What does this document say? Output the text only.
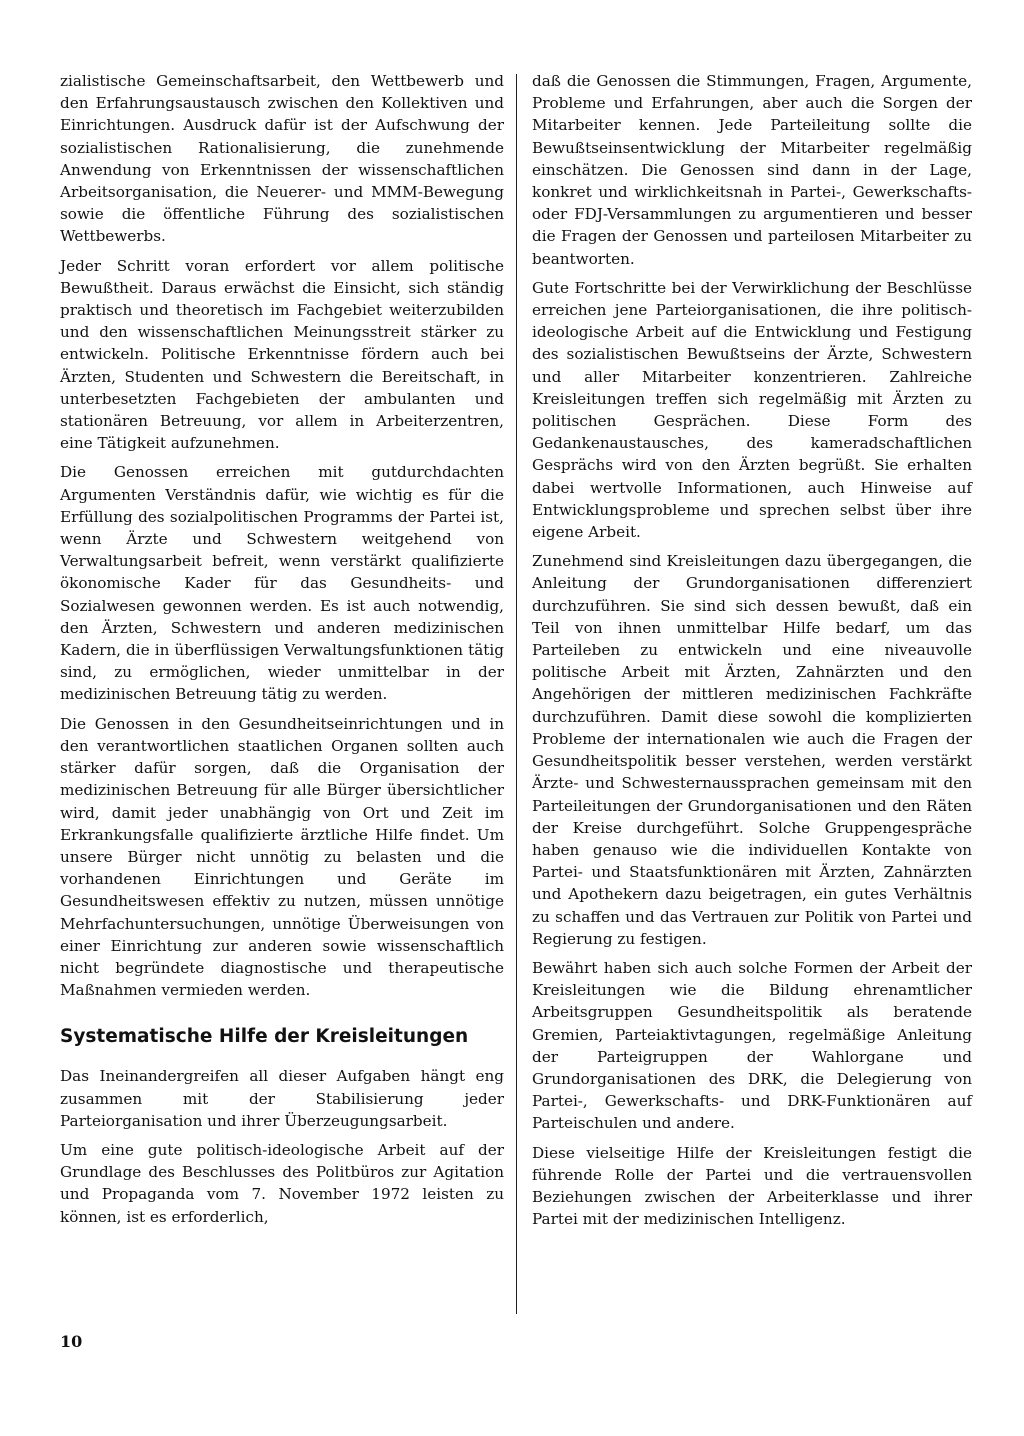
zialistische Gemeinschaftsarbeit, den Wettbewerb und den Erfahrungsaustausch zwischen den Kollektiven und Einrichtungen. Ausdruck dafür ist der Aufschwung der sozialistischen Rationalisierung, die zunehmende Anwendung von Erkenntnissen der wissenschaftlichen Arbeitsorganisation, die Neuerer- und MMM-Bewegung sowie die öffentliche Führung des sozialistischen Wettbewerbs.

Jeder Schritt voran erfordert vor allem politische Bewußtheit. Daraus erwächst die Einsicht, sich ständig praktisch und theoretisch im Fachgebiet weiterzubilden und den wissenschaftlichen Meinungsstreit stärker zu entwickeln. Politische Erkenntnisse fördern auch bei Ärzten, Studenten und Schwestern die Bereitschaft, in unterbesetzten Fachgebieten der ambulanten und stationären Betreuung, vor allem in Arbeiterzentren, eine Tätigkeit aufzunehmen.

Die Genossen erreichen mit gutdurchdachten Argumenten Verständnis dafür, wie wichtig es für die Erfüllung des sozialpolitischen Programms der Partei ist, wenn Ärzte und Schwestern weitgehend von Verwaltungsarbeit befreit, wenn verstärkt qualifizierte ökonomische Kader für das Gesundheits- und Sozialwesen gewonnen werden. Es ist auch notwendig, den Ärzten, Schwestern und anderen medizinischen Kadern, die in überflüssigen Verwaltungsfunktionen tätig sind, zu ermöglichen, wieder unmittelbar in der medizinischen Betreuung tätig zu werden.

Die Genossen in den Gesundheitseinrichtungen und in den verantwortlichen staatlichen Organen sollten auch stärker dafür sorgen, daß die Organisation der medizinischen Betreuung für alle Bürger übersichtlicher wird, damit jeder unabhängig von Ort und Zeit im Erkrankungsfalle qualifizierte ärztliche Hilfe findet. Um unsere Bürger nicht unnötig zu belasten und die vorhandenen Einrichtungen und Geräte im Gesundheitswesen effektiv zu nutzen, müssen unnötige Mehrfachuntersuchungen, unnötige Überweisungen von einer Einrichtung zur anderen sowie wissenschaftlich nicht begründete diagnostische und therapeutische Maßnahmen vermieden werden.

Systematische Hilfe der Kreisleitungen

Das Ineinandergreifen all dieser Aufgaben hängt eng zusammen mit der Stabilisierung jeder Parteiorganisation und ihrer Überzeugungsarbeit.

Um eine gute politisch-ideologische Arbeit auf der Grundlage des Beschlusses des Politbüros zur Agitation und Propaganda vom 7. November 1972 leisten zu können, ist es erforderlich,

daß die Genossen die Stimmungen, Fragen, Argumente, Probleme und Erfahrungen, aber auch die Sorgen der Mitarbeiter kennen. Jede Parteileitung sollte die Bewußtseinsentwicklung der Mitarbeiter regelmäßig einschätzen. Die Genossen sind dann in der Lage, konkret und wirklichkeitsnah in Partei-, Gewerkschafts- oder FDJ-Versammlungen zu argumentieren und besser die Fragen der Genossen und parteilosen Mitarbeiter zu beantworten.

Gute Fortschritte bei der Verwirklichung der Beschlüsse erreichen jene Parteiorganisationen, die ihre politisch-ideologische Arbeit auf die Entwicklung und Festigung des sozialistischen Bewußtseins der Ärzte, Schwestern und aller Mitarbeiter konzentrieren. Zahlreiche Kreisleitungen treffen sich regelmäßig mit Ärzten zu politischen Gesprächen. Diese Form des Gedankenaustausches, des kameradschaftlichen Gesprächs wird von den Ärzten begrüßt. Sie erhalten dabei wertvolle Informationen, auch Hinweise auf Entwicklungsprobleme und sprechen selbst über ihre eigene Arbeit.

Zunehmend sind Kreisleitungen dazu übergegangen, die Anleitung der Grundorganisationen differenziert durchzuführen. Sie sind sich dessen bewußt, daß ein Teil von ihnen unmittelbar Hilfe bedarf, um das Parteileben zu entwickeln und eine niveauvolle politische Arbeit mit Ärzten, Zahnärzten und den Angehörigen der mittleren medizinischen Fachkräfte durchzuführen. Damit diese sowohl die komplizierten Probleme der internationalen wie auch die Fragen der Gesundheitspolitik besser verstehen, werden verstärkt Ärzte- und Schwesternaussprachen gemeinsam mit den Parteileitungen der Grundorganisationen und den Räten der Kreise durchgeführt. Solche Gruppengespräche haben genauso wie die individuellen Kontakte von Partei- und Staatsfunktionären mit Ärzten, Zahnärzten und Apothekern dazu beigetragen, ein gutes Verhältnis zu schaffen und das Vertrauen zur Politik von Partei und Regierung zu festigen.

Bewährt haben sich auch solche Formen der Arbeit der Kreisleitungen wie die Bildung ehrenamtlicher Arbeitsgruppen Gesundheitspolitik als beratende Gremien, Parteiaktivtagungen, regelmäßige Anleitung der Parteigruppen der Wahlorgane und Grundorganisationen des DRK, die Delegierung von Partei-, Gewerkschafts- und DRK-Funktionären auf Parteischulen und andere.

Diese vielseitige Hilfe der Kreisleitungen festigt die führende Rolle der Partei und die vertrauensvollen Beziehungen zwischen der Arbeiterklasse und ihrer Partei mit der medizinischen Intelligenz.

10
